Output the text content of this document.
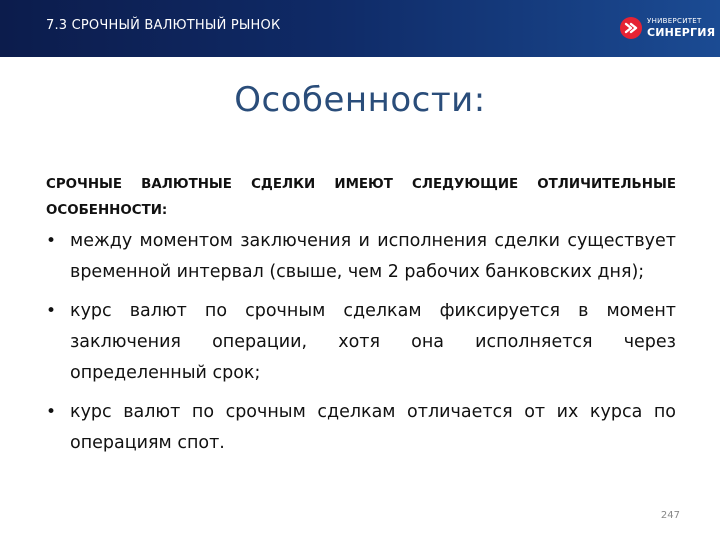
7.3 СРОЧНЫЙ ВАЛЮТНЫЙ РЫНОК	УНИВЕРСИТЕТ
СИНЕРГИЯ
Особенности:
СРОЧНЫЕ ВАЛЮТНЫЕ СДЕЛКИ ИМЕЮТ СЛЕДУЮЩИЕ ОТЛИЧИТЕЛЬНЫЕ ОСОБЕННОСТИ:
• между моментом заключения и исполнения сделки существует временной интервал (свыше, чем 2 рабочих банковских дня);
• курс валют по срочным сделкам фиксируется в момент заключения операции, хотя она исполняется через определенный срок;
• курс валют по срочным сделкам отличается от их курса по операциям спот.
247
